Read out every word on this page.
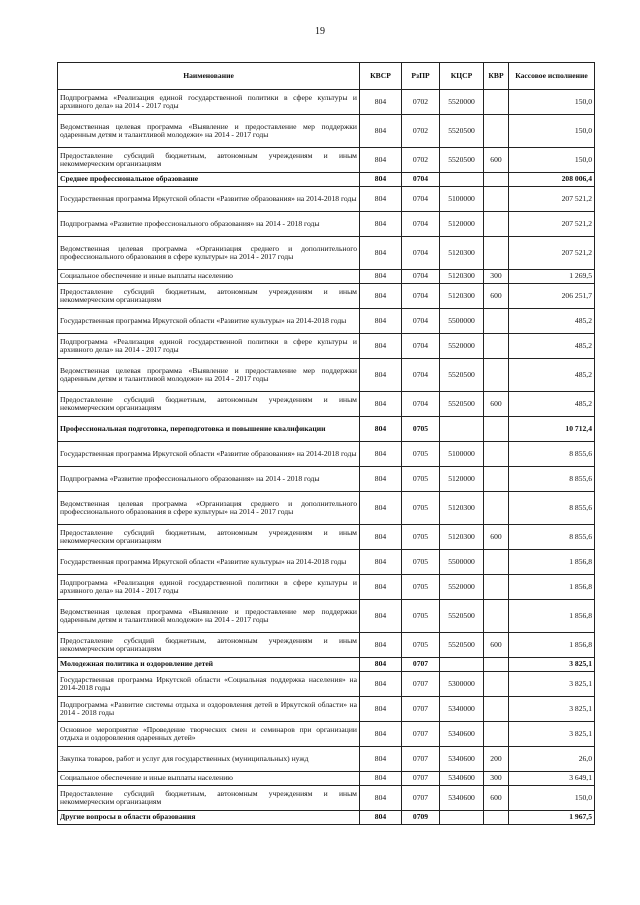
19
Наименование	КВСР	РзПР	КЦСР	КВР	Кассовое исполнение
Подпрограмма «Реализация единой государственной политики в сфере культуры и архивного дела» на 2014 - 2017 годы	804	0702	5520000		150,0
Ведомственная целевая программа «Выявление и предоставление мер поддержки одаренным детям и талантливой молодежи» на 2014 - 2017 годы	804	0702	5520500		150,0
Предоставление субсидий бюджетным, автономным учреждениям и иным некоммерческим организациям	804	0702	5520500	600	150,0
Среднее профессиональное образование	804	0704			208 006,4
Государственная программа Иркутской области «Развитие образования» на 2014-2018 годы	804	0704	5100000		207 521,2
Подпрограмма «Развитие профессионального образования» на 2014 - 2018 годы	804	0704	5120000		207 521,2
Ведомственная целевая программа «Организация среднего и дополнительного профессионального образования в сфере культуры» на 2014 - 2017 годы	804	0704	5120300		207 521,2
Социальное обеспечение и иные выплаты населению	804	0704	5120300	300	1 269,5
Предоставление субсидий бюджетным, автономным учреждениям и иным некоммерческим организациям	804	0704	5120300	600	206 251,7
Государственная программа Иркутской области «Развитие культуры» на 2014-2018 годы	804	0704	5500000		485,2
Подпрограмма «Реализация единой государственной политики в сфере культуры и архивного дела» на 2014 - 2017 годы	804	0704	5520000		485,2
Ведомственная целевая программа «Выявление и предоставление мер поддержки одаренным детям и талантливой молодежи» на 2014 - 2017 годы	804	0704	5520500		485,2
Предоставление субсидий бюджетным, автономным учреждениям и иным некоммерческим организациям	804	0704	5520500	600	485,2
Профессиональная подготовка, переподготовка и повышение квалификации	804	0705			10 712,4
Государственная программа Иркутской области «Развитие образования» на 2014-2018 годы	804	0705	5100000		8 855,6
Подпрограмма «Развитие профессионального образования» на 2014 - 2018 годы	804	0705	5120000		8 855,6
Ведомственная целевая программа «Организация среднего и дополнительного профессионального образования в сфере культуры» на 2014 - 2017 годы	804	0705	5120300		8 855,6
Предоставление субсидий бюджетным, автономным учреждениям и иным некоммерческим организациям	804	0705	5120300	600	8 855,6
Государственная программа Иркутской области «Развитие культуры» на 2014-2018 годы	804	0705	5500000		1 856,8
Подпрограмма «Реализация единой государственной политики в сфере культуры и архивного дела» на 2014 - 2017 годы	804	0705	5520000		1 856,8
Ведомственная целевая программа «Выявление и предоставление мер поддержки одаренным детям и талантливой молодежи» на 2014 - 2017 годы	804	0705	5520500		1 856,8
Предоставление субсидий бюджетным, автономным учреждениям и иным некоммерческим организациям	804	0705	5520500	600	1 856,8
Молодежная политика и оздоровление детей	804	0707			3 825,1
Государственная программа Иркутской области «Социальная поддержка населения» на 2014-2018 годы	804	0707	5300000		3 825,1
Подпрограмма «Развитие системы отдыха и оздоровления детей в Иркутской области» на 2014 - 2018 годы	804	0707	5340000		3 825,1
Основное мероприятие «Проведение творческих смен и семинаров при организации отдыха и оздоровления одаренных детей»	804	0707	5340600		3 825,1
Закупка товаров, работ и услуг для государственных (муниципальных) нужд	804	0707	5340600	200	26,0
Социальное обеспечение и иные выплаты населению	804	0707	5340600	300	3 649,1
Предоставление субсидий бюджетным, автономным учреждениям и иным некоммерческим организациям	804	0707	5340600	600	150,0
Другие вопросы в области образования	804	0709			1 967,5
